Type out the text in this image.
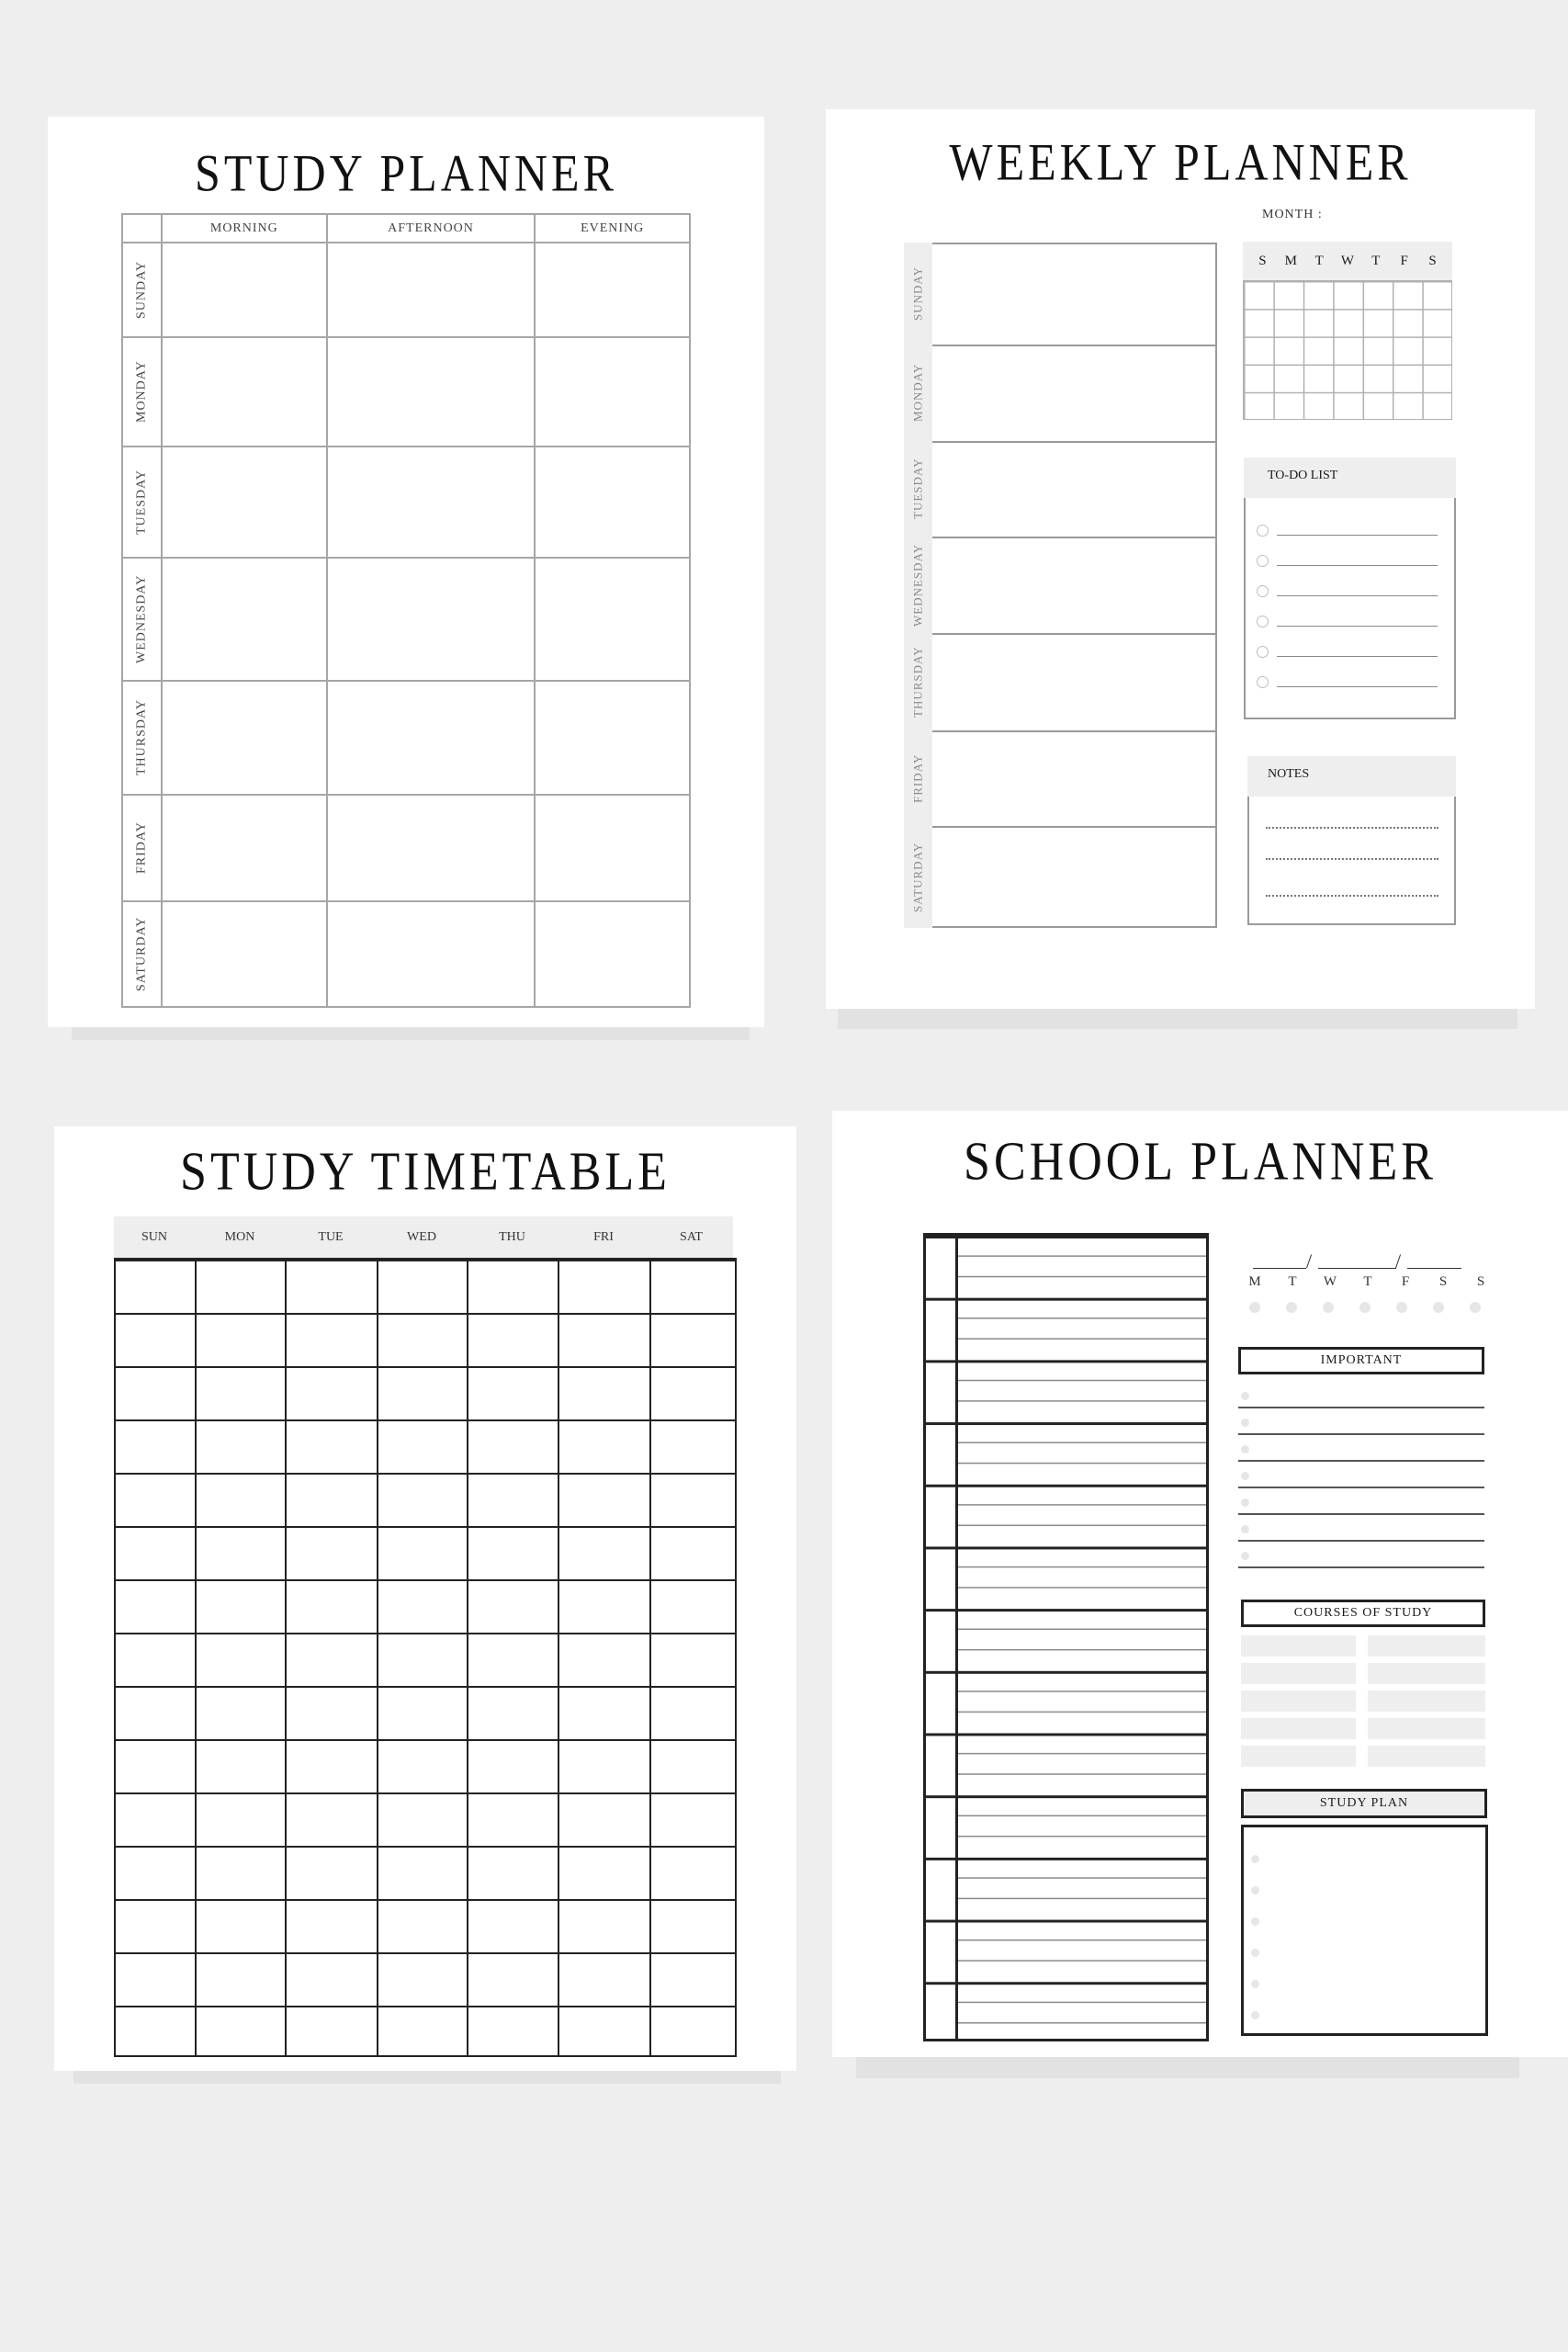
STUDY PLANNER
	MORNING	AFTERNOON	EVENING

SUNDAY			

MONDAY			

TUESDAY			

WEDNESDAY			

THURSDAY			

FRIDAY			

SATURDAY			

WEEKLY PLANNER
SUNDAY
MONDAY
TUESDAY
WEDNESDAY
THURSDAY
FRIDAY
SATURDAY
MONTH :
S	M	T	W	T	F	S
TO-DO LIST
NOTES
STUDY TIMETABLE
SUN	MON	TUE	WED	THU	FRI	SAT
SCHOOL PLANNER
/	/
M	T	W	T	F	S	S
IMPORTANT
COURSES OF STUDY
STUDY PLAN
